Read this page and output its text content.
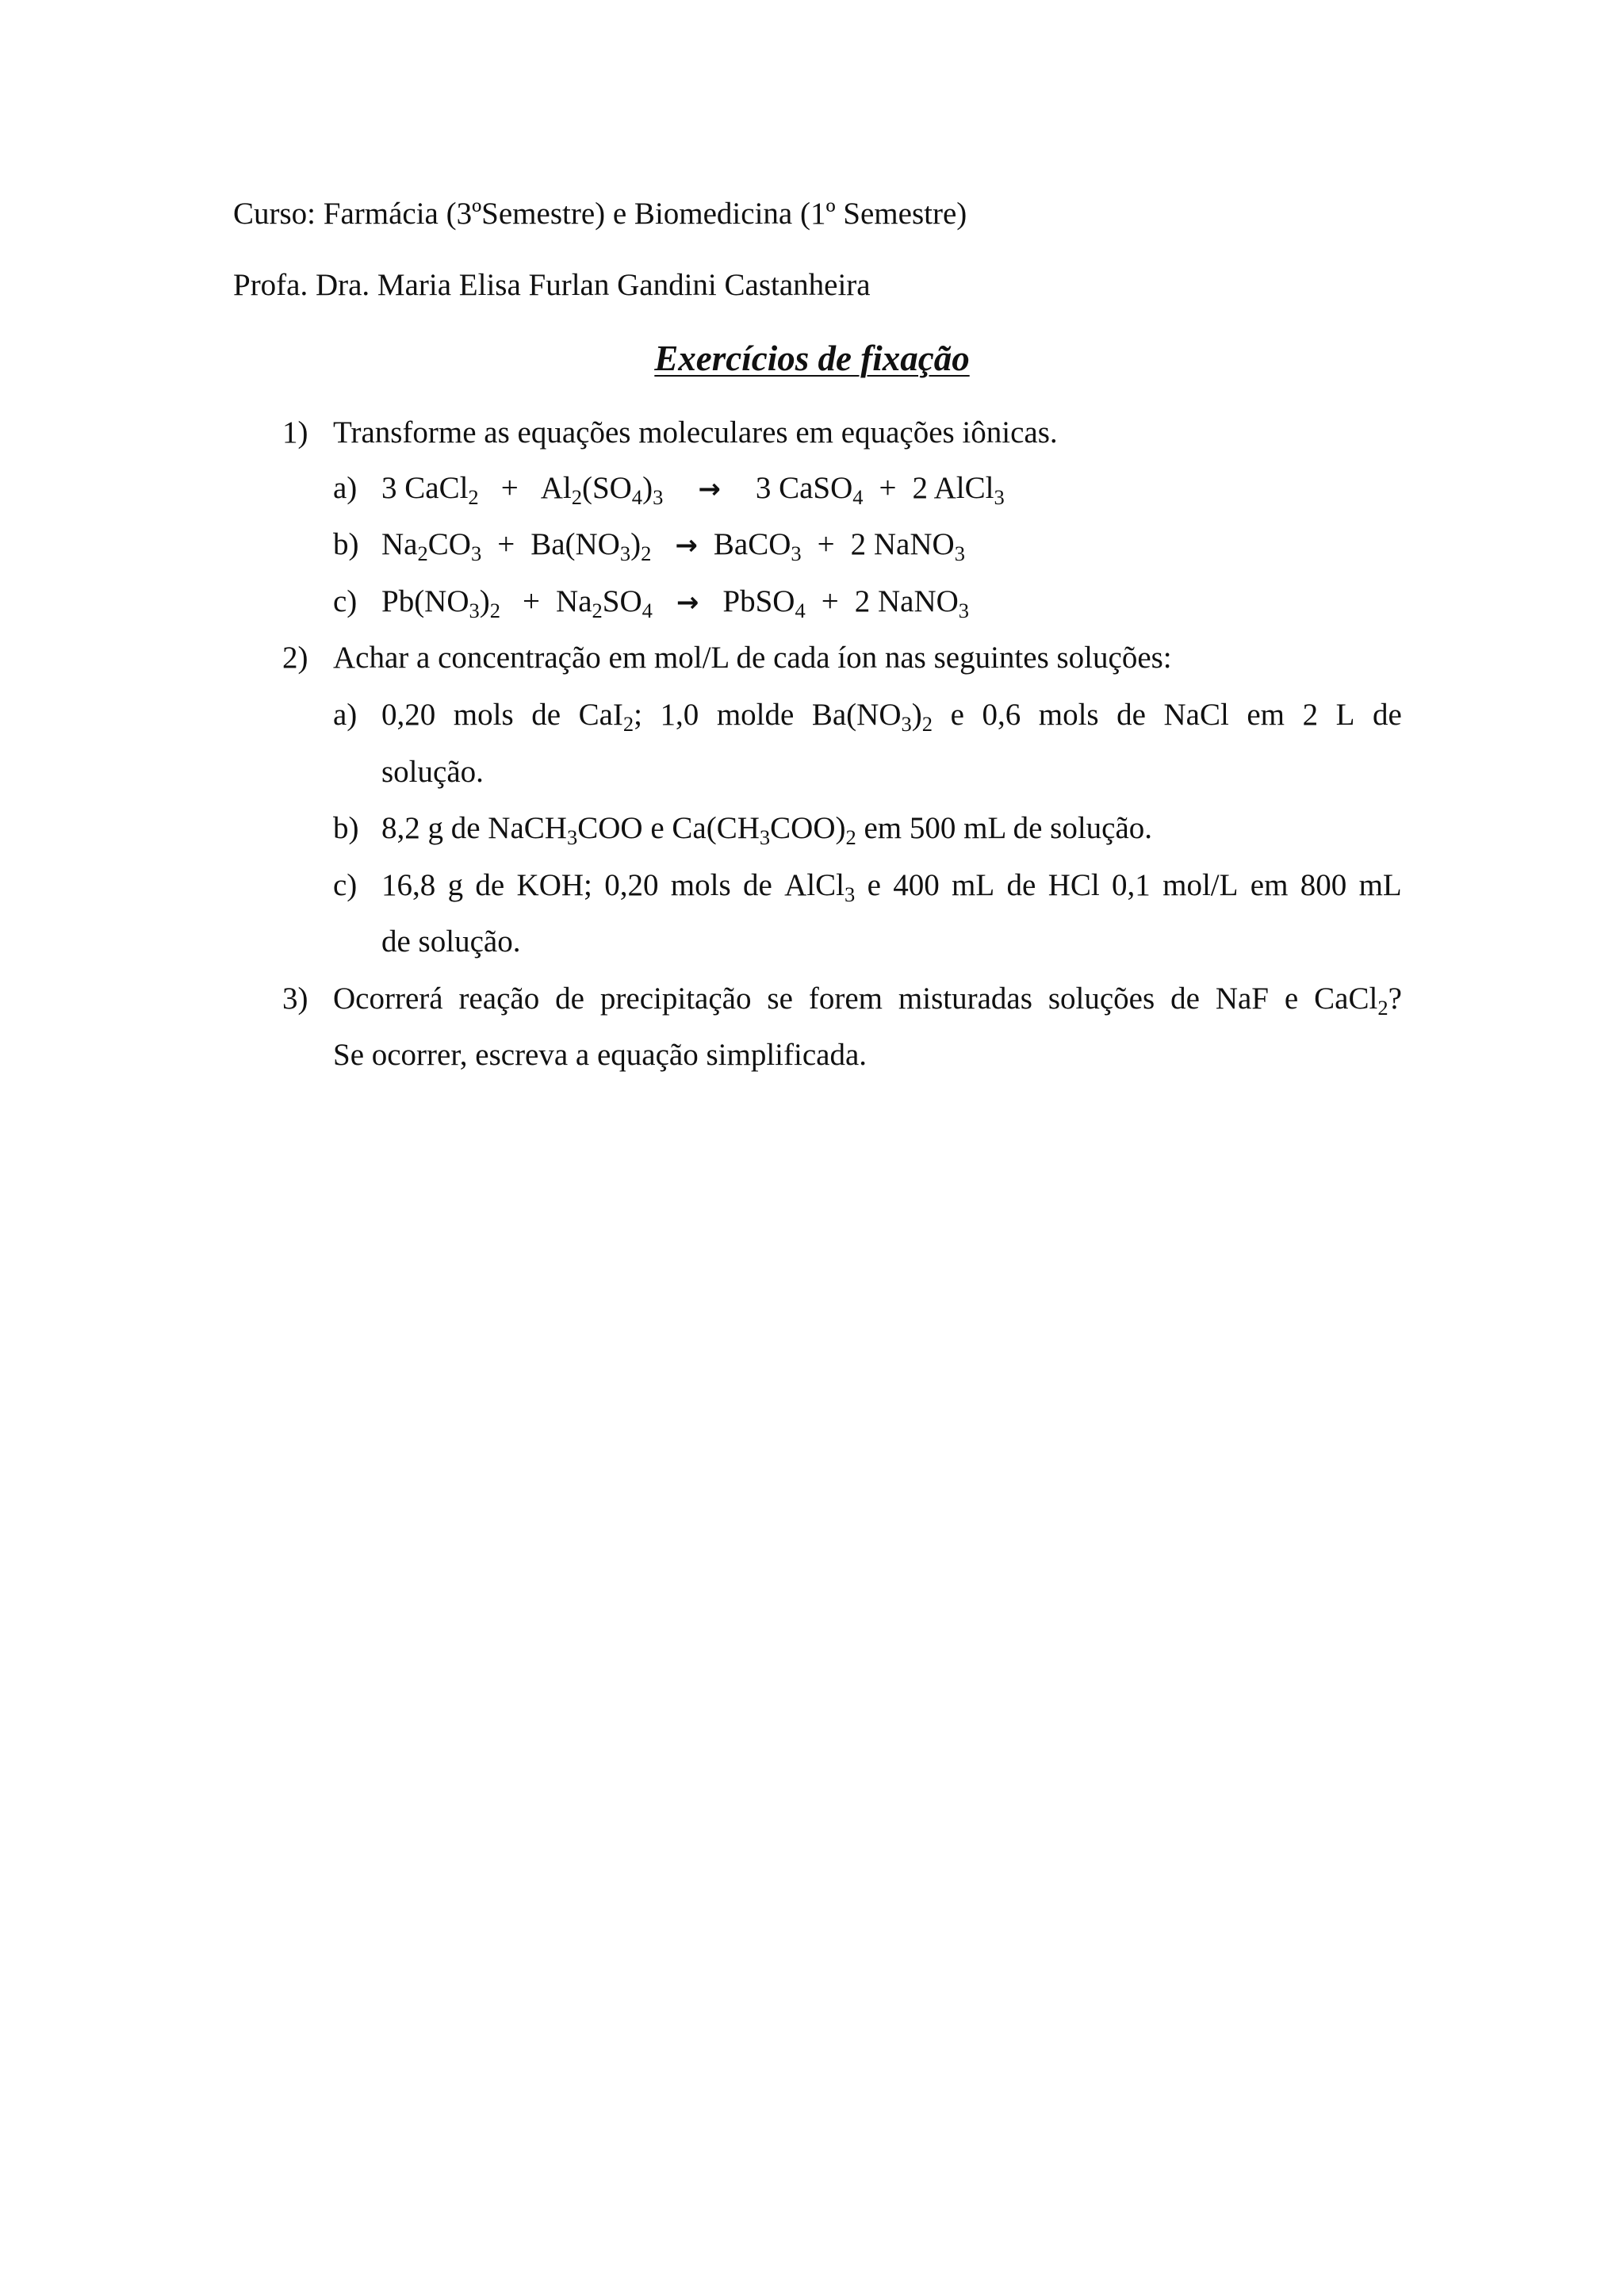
Curso: Farmácia (3ºSemestre) e Biomedicina (1º Semestre)
Profa. Dra. Maria Elisa Furlan Gandini Castanheira
Exercícios de fixação
1) Transforme as equações moleculares em equações iônicas.
a) 3 CaCl$_2$ + $Al_2(SO_4)_3 \to 3$ CaSO$_4$ + 2 AlCl$_3$
b) $Na_2CO_3 + Ba(NO_3)_2$ → BaCO$_3$ + 2 NaNO$_3$
c) $Pb(NO_3)_2 + Na_2SO_4$ → PbSO$_4$ + 2 NaNO$_3$
2) Achar a concentração em mol/L de cada íon nas seguintes soluções:
a) 0,20 mols de CaI$_2$; 1,0 molde $Ba(NO_3)_2$ e 0,6 mols de NaCl em 2 L de
solução.
b) 8,2 g de NaCH$_3$COO e $Ca(CH_3COO)_2$ em 500 mL de solução.
c) 16,8 g de KOH; 0,20 mols de AlCl$_3$ e 400 mL de HCl 0,1 mol/L em 800 mL
de solução.
3) Ocorrerá reação de precipitação se forem misturadas soluções de NaF e CaCl$_2$?
Se ocorrer, escreva a equação simplificada.
